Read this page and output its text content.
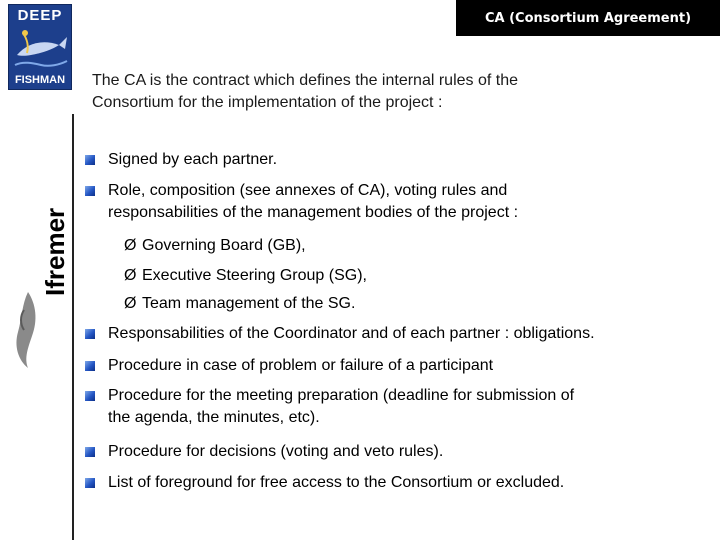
DEEP
FISHMAN
CA (Consortium Agreement)
The CA is the contract which defines the internal rules of the
Consortium for the implementation of the project :
Ifremer
Signed by each partner.
Role, composition (see annexes of CA), voting rules and
responsabilities of the management bodies of the project :
Ø Governing Board (GB),
Ø Executive Steering Group (SG),
Ø Team management of the SG.
Responsabilities of the Coordinator and of each partner : obligations.
Procedure in case of problem or failure of a participant
Procedure for the meeting preparation (deadline for submission of
the agenda, the minutes, etc).
Procedure for decisions (voting and veto rules).
List of foreground for free access to the Consortium or excluded.
